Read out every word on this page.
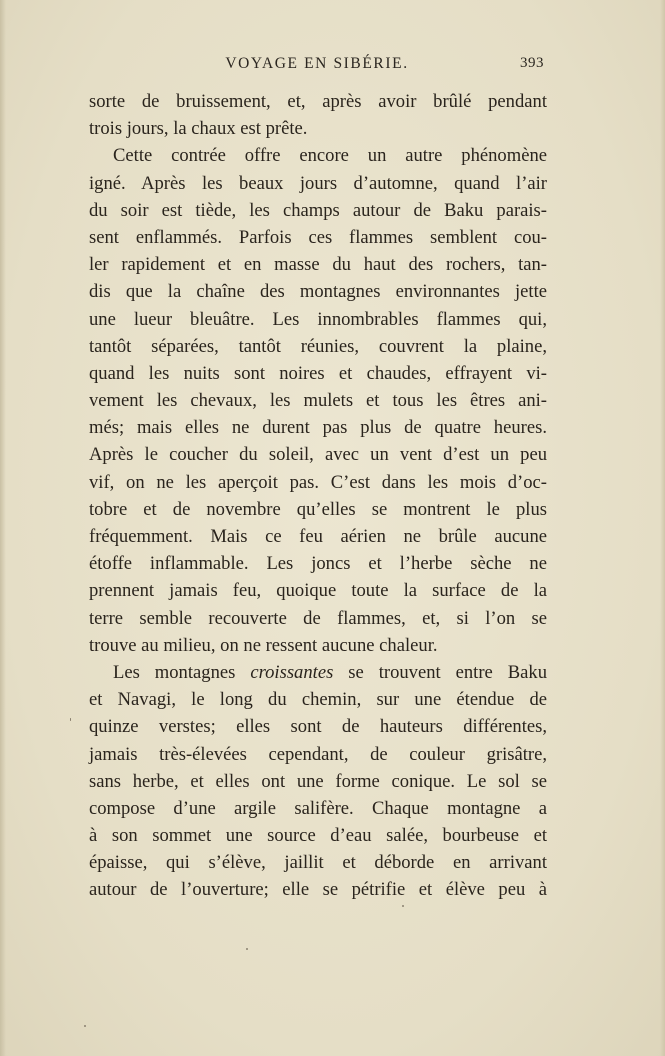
VOYAGE EN SIBÉRIE.	393
sorte de bruissement, et, après avoir brûlé pendant
trois jours, la chaux est prête.
Cette contrée offre encore un autre phénomène
igné. Après les beaux jours d’automne, quand l’air
du soir est tiède, les champs autour de Baku parais-
sent enflammés. Parfois ces flammes semblent cou-
ler rapidement et en masse du haut des rochers, tan-
dis que la chaîne des montagnes environnantes jette
une lueur bleuâtre. Les innombrables flammes qui,
tantôt séparées, tantôt réunies, couvrent la plaine,
quand les nuits sont noires et chaudes, effrayent vi-
vement les chevaux, les mulets et tous les êtres ani-
més; mais elles ne durent pas plus de quatre heures.
Après le coucher du soleil, avec un vent d’est un peu
vif, on ne les aperçoit pas. C’est dans les mois d’oc-
tobre et de novembre qu’elles se montrent le plus
fréquemment. Mais ce feu aérien ne brûle aucune
étoffe inflammable. Les joncs et l’herbe sèche ne
prennent jamais feu, quoique toute la surface de la
terre semble recouverte de flammes, et, si l’on se
trouve au milieu, on ne ressent aucune chaleur.
Les montagnes croissantes se trouvent entre Baku
et Navagi, le long du chemin, sur une étendue de
quinze verstes; elles sont de hauteurs différentes,
jamais très-élevées cependant, de couleur grisâtre,
sans herbe, et elles ont une forme conique. Le sol se
compose d’une argile salifère. Chaque montagne a
à son sommet une source d’eau salée, bourbeuse et
épaisse, qui s’élève, jaillit et déborde en arrivant
autour de l’ouverture; elle se pétrifie et élève peu à
